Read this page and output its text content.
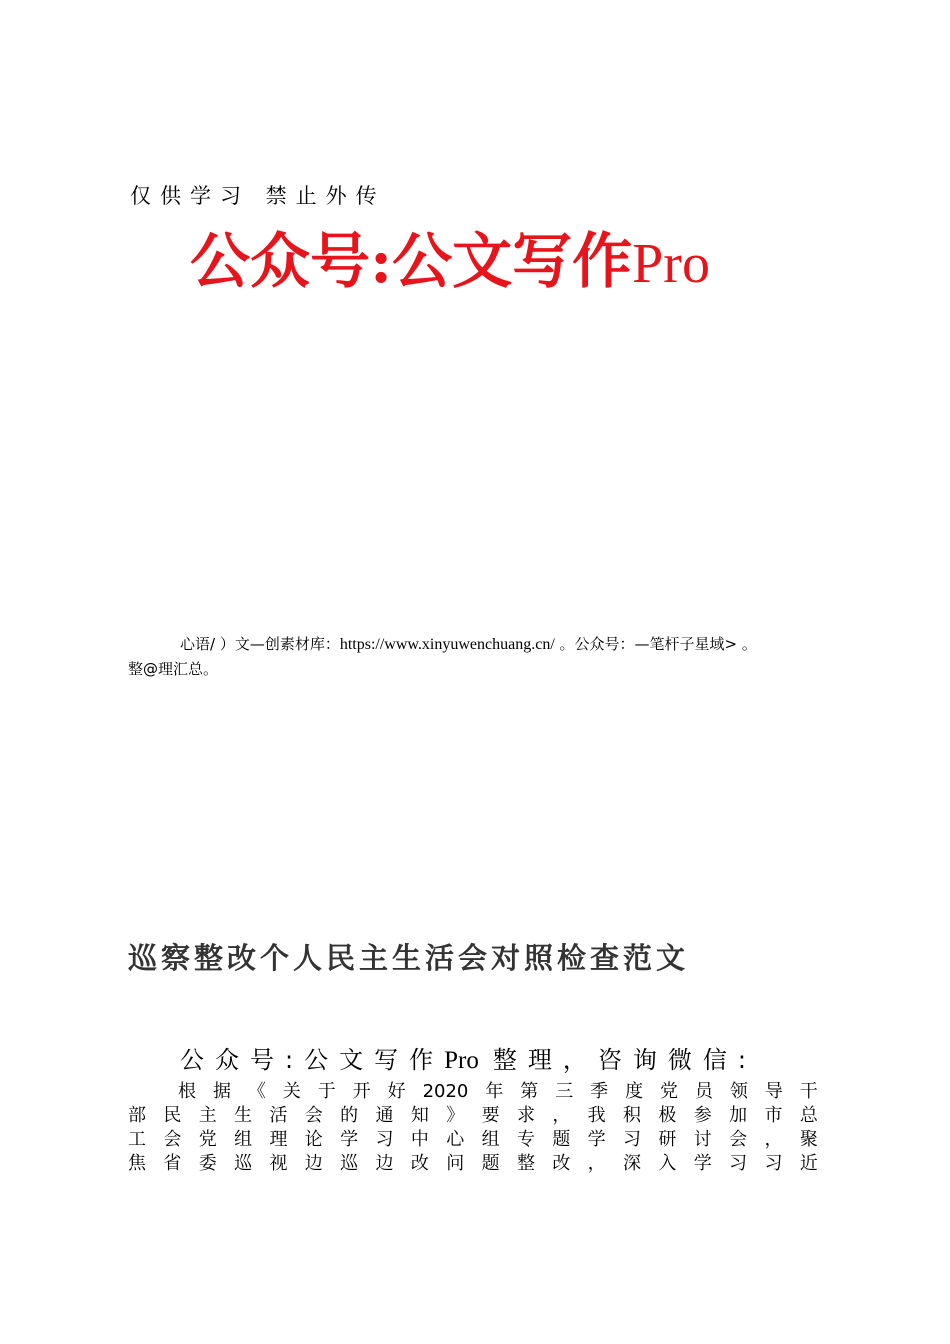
仅供学习 禁止外传
公众号:公文写作Pro
心语/ ）文—创素材库：https://www.xinyuwenchuang.cn/ 。公众号：—笔杆子星域> 。
整@理汇总。
巡察整改个人民主生活会对照检查范文
公众号:公文写作Pro 整理，咨询微信:
根 据 《 关 于 开 好 2020 年 第 三 季 度 党 员 领 导 干
部 民 主 生 活 会 的 通 知 》 要 求 ， 我 积 极 参 加 市 总
工 会 党 组 理 论 学 习 中 心 组 专 题 学 习 研 讨 会 ， 聚
焦 省 委 巡 视 边 巡 边 改 问 题 整 改 ， 深 入 学 习 习 近
